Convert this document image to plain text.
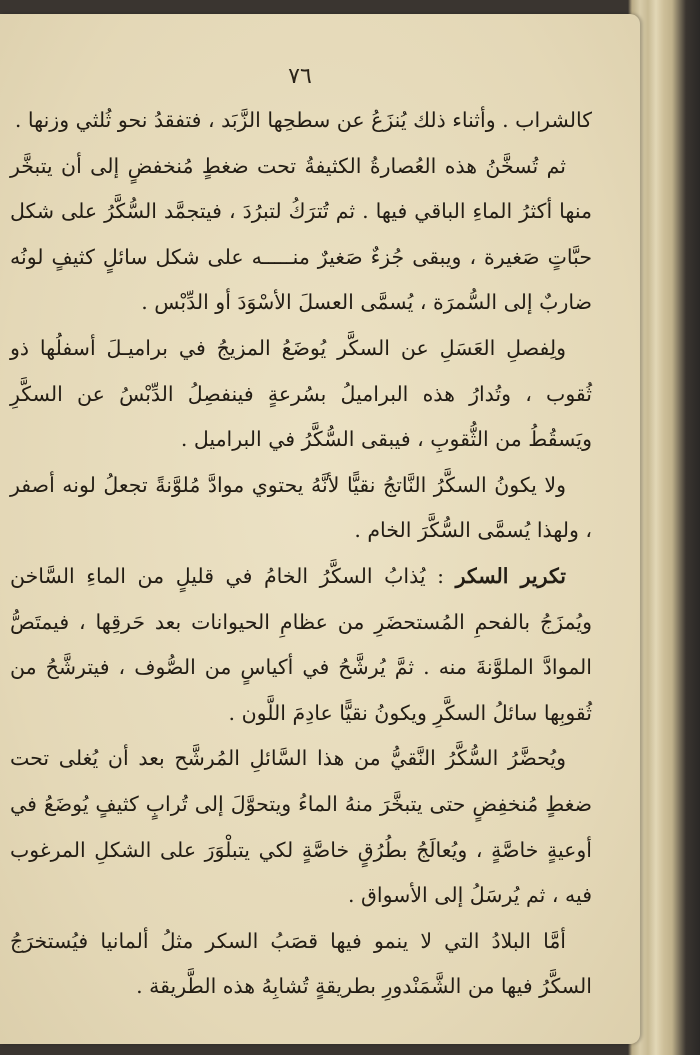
٧٦

كالشراب . وأثناء ذلك يُنزَعُ عن سطحِها الزَّبَد ، فتفقدُ نحو ثُلثي وزنها .

ثم تُسخَّنُ هذه العُصارةُ الكثيفةُ تحت ضغطٍ مُنخفضٍ إلى أن يتبخَّر منها أكثرُ الماءِ الباقي فيها . ثم تُترَكُ لتبرُدَ ، فيتجمَّد السُّكَّرُ على شكل حبَّاتٍ صَغيرة ، ويبقى جُزءٌ صَغيرٌ منـــــه على شكل سائلٍ كثيفٍ لونُه ضاربٌ إلى السُّمرَة ، يُسمَّى العسلَ الأسْوَدَ أو الدِّبْس .

ولِفصلِ العَسَلِ عن السكَّر يُوضَعُ المزيجُ في براميـلَ أسفلُها ذو ثُقوب ، وتُدارُ هذه البراميلُ بسُرعةٍ فينفصِلُ الدِّبْسُ عن السكَّرِ ويَسقُطُ من الثُّقوبِ ، فيبقى السُّكَّرُ في البراميل .

ولا يكونُ السكَّرُ النَّاتجُ نقيًّا لأنَّهُ يحتوي موادَّ مُلوَّنةً تجعلُ لونه أصفر ، ولهذا يُسمَّى السُّكَّرَ الخام .

تكرير السكر : يُذابُ السكَّرُ الخامُ في قليلٍ من الماءِ السَّاخن ويُمزَجُ بالفحمِ المُستحضَرِ من عظامِ الحيوانات بعد حَرقِها ، فيمتَصُّ الموادَّ الملوَّنةَ منه . ثمَّ يُرشَّحُ في أكياسٍ من الصُّوف ، فيترشَّحُ من ثُقوبِها سائلُ السكَّرِ ويكونُ نقيًّا عادِمَ اللَّون .

ويُحضَّرُ السُّكَّرُ النَّقيُّ من هذا السَّائلِ المُرشَّح بعد أن يُغلى تحت ضغطٍ مُنخفِضٍ حتى يتبخَّرَ منهُ الماءُ ويتحوَّلَ إلى تُرابٍ كثيفٍ يُوضَعُ في أوعيةٍ خاصَّةٍ ، ويُعالَجُ بطُرُقٍ خاصَّةٍ لكي يتبلْوَرَ على الشكلِ المرغوب فيه ، ثم يُرسَلُ إلى الأسواق .

أمَّا البلادُ التي لا ينمو فيها قصَبُ السكر مثلُ ألمانيا فيُستخرَجُ السكَّرُ فيها من الشَّمَنْدورِ بطريقةٍ تُشابِهُ هذه الطَّريقة .
